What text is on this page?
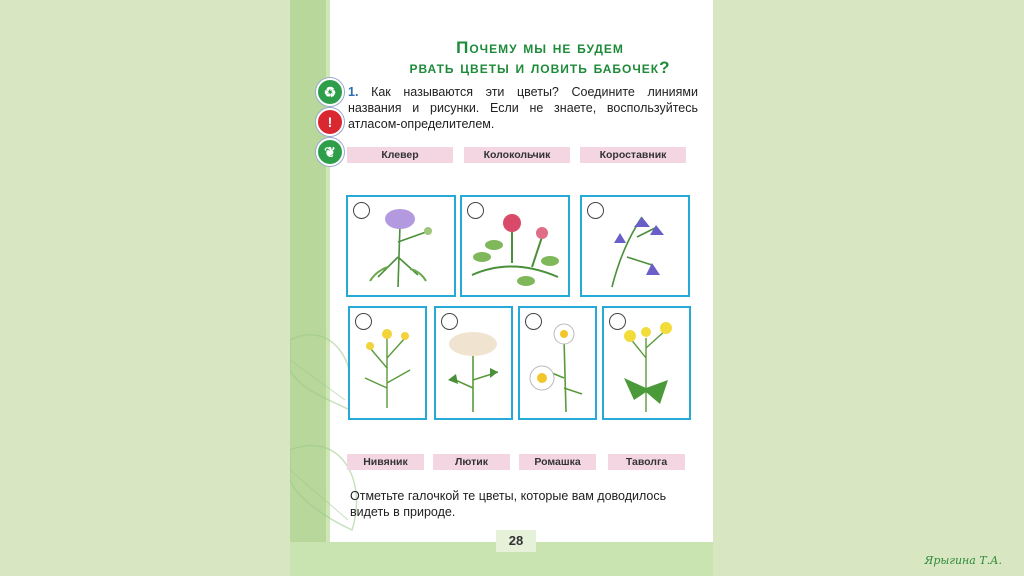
Почему мы не будем
рвать цветы и ловить бабочек?
♻
!
❦
1. Как называются эти цветы? Соедините линиями названия и рисунки. Если не знаете, воспользуйтесь атласом-определителем.
Клевер	Колокольчик	Короставник
Нивяник	Лютик	Ромашка	Таволга
Отметьте галочкой те цветы, которые вам доводилось видеть в природе.
28
Ярыгина Т.А.
